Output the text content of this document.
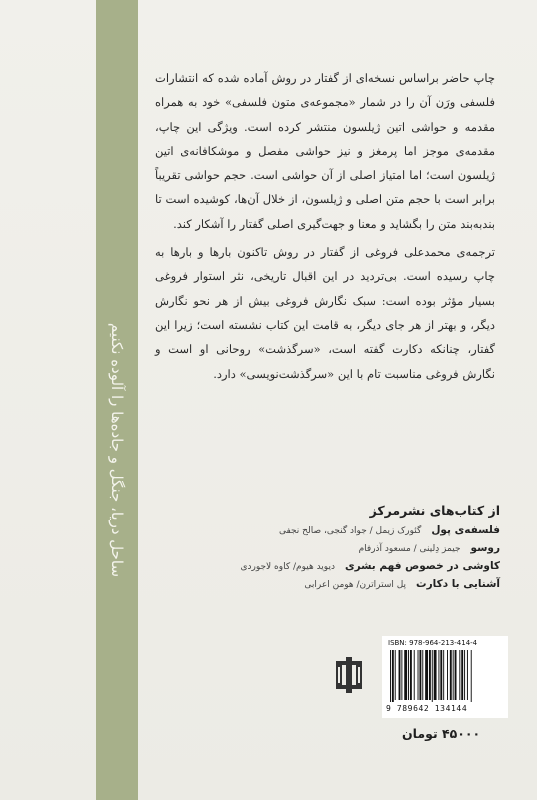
ساحل دریا، جنگل و جاده‌ها را آلوده نکنیم

چاپ حاضر براساس نسخه‌ای از گفتار در روش آماده شده که انتشارات فلسفی ورَن آن را در شمار «مجموعه‌ی متون فلسفی» خود به همراه مقدمه و حواشی اتین ژیلسون منتشر کرده است. ویژگی این چاپ، مقدمه‌ی موجز اما پرمغز و نیز حواشی مفصل و موشکافانه‌ی اتین ژیلسون است؛ اما امتیاز اصلی از آن حواشی است. حجم حواشی تقریباً برابر است با حجم متن اصلی و ژیلسون، از خلال آن‌ها، کوشیده است تا بندبه‌بند متن را بگشاید و معنا و جهت‌گیری اصلی گفتار را آشکار کند.

ترجمه‌ی محمدعلی فروغی از گفتار در روش تاکنون بارها و بارها به چاپ رسیده است. بی‌تردید در این اقبال تاریخی، نثر استوار فروغی بسیار مؤثر بوده است: سبک نگارش فروغی بیش از هر نحو نگارش دیگر، و بهتر از هر جای دیگر، به قامت این کتاب نشسته است؛ زیرا این گفتار، چنانکه دکارت گفته است، «سرگذشت» روحانی او است و نگارش فروغی مناسبت تام با این «سرگذشت‌نویسی» دارد.

از کتاب‌های نشرمرکز
فلسفه‌ی پول
گئورک زیمل / جواد گنجی، صالح نجفی
روسو
جیمز دِلینی / مسعود آذرفام
کاوشی در خصوص فهم بشری
دیوید هیوم/ کاوه لاجوردی
آشنایی با دکارت
پل استراترن/ هومن اعرابی
ISBN: 978-964-213-414-4
9 789642 134144
۴۵۰۰۰ تومان
